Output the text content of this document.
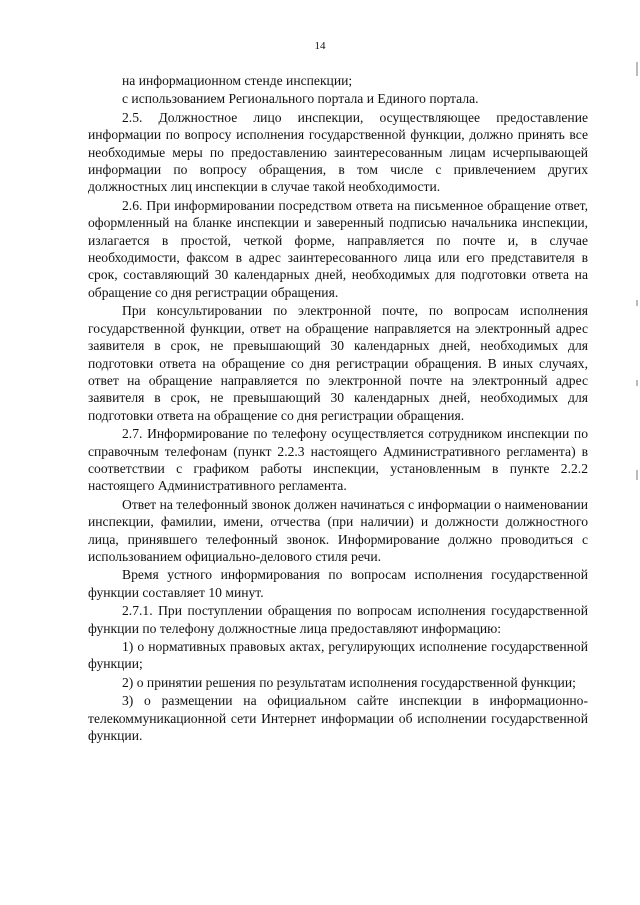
14

на информационном стенде инспекции;

с использованием Регионального портала и Единого портала.

2.5. Должностное лицо инспекции, осуществляющее предоставление информации по вопросу исполнения государственной функции, должно принять все необходимые меры по предоставлению заинтересованным лицам исчерпывающей информации по вопросу обращения, в том числе с привлечением других должностных лиц инспекции в случае такой необходимости.

2.6. При информировании посредством ответа на письменное обращение ответ, оформленный на бланке инспекции и заверенный подписью начальника инспекции, излагается в простой, четкой форме, направляется по почте и, в случае необходимости, факсом в адрес заинтересованного лица или его представителя в срок, составляющий 30 календарных дней, необходимых для подготовки ответа на обращение со дня регистрации обращения.

При консультировании по электронной почте, по вопросам исполнения государственной функции, ответ на обращение направляется на электронный адрес заявителя в срок, не превышающий 30 календарных дней, необходимых для подготовки ответа на обращение со дня регистрации обращения. В иных случаях, ответ на обращение направляется по электронной почте на электронный адрес заявителя в срок, не превышающий 30 календарных дней, необходимых для подготовки ответа на обращение со дня регистрации обращения.

2.7. Информирование по телефону осуществляется сотрудником инспекции по справочным телефонам (пункт 2.2.3 настоящего Административного регламента) в соответствии с графиком работы инспекции, установленным в пункте 2.2.2 настоящего Административного регламента.

Ответ на телефонный звонок должен начинаться с информации о наименовании инспекции, фамилии, имени, отчества (при наличии) и должности должностного лица, принявшего телефонный звонок. Информирование должно проводиться с использованием официально-делового стиля речи.

Время устного информирования по вопросам исполнения государственной функции составляет 10 минут.

2.7.1. При поступлении обращения по вопросам исполнения государственной функции по телефону должностные лица предоставляют информацию:

1) о нормативных правовых актах, регулирующих исполнение государственной функции;

2) о принятии решения по результатам исполнения государственной функции;

3) о размещении на официальном сайте инспекции в информационно-телекоммуникационной сети Интернет информации об исполнении государственной функции.
